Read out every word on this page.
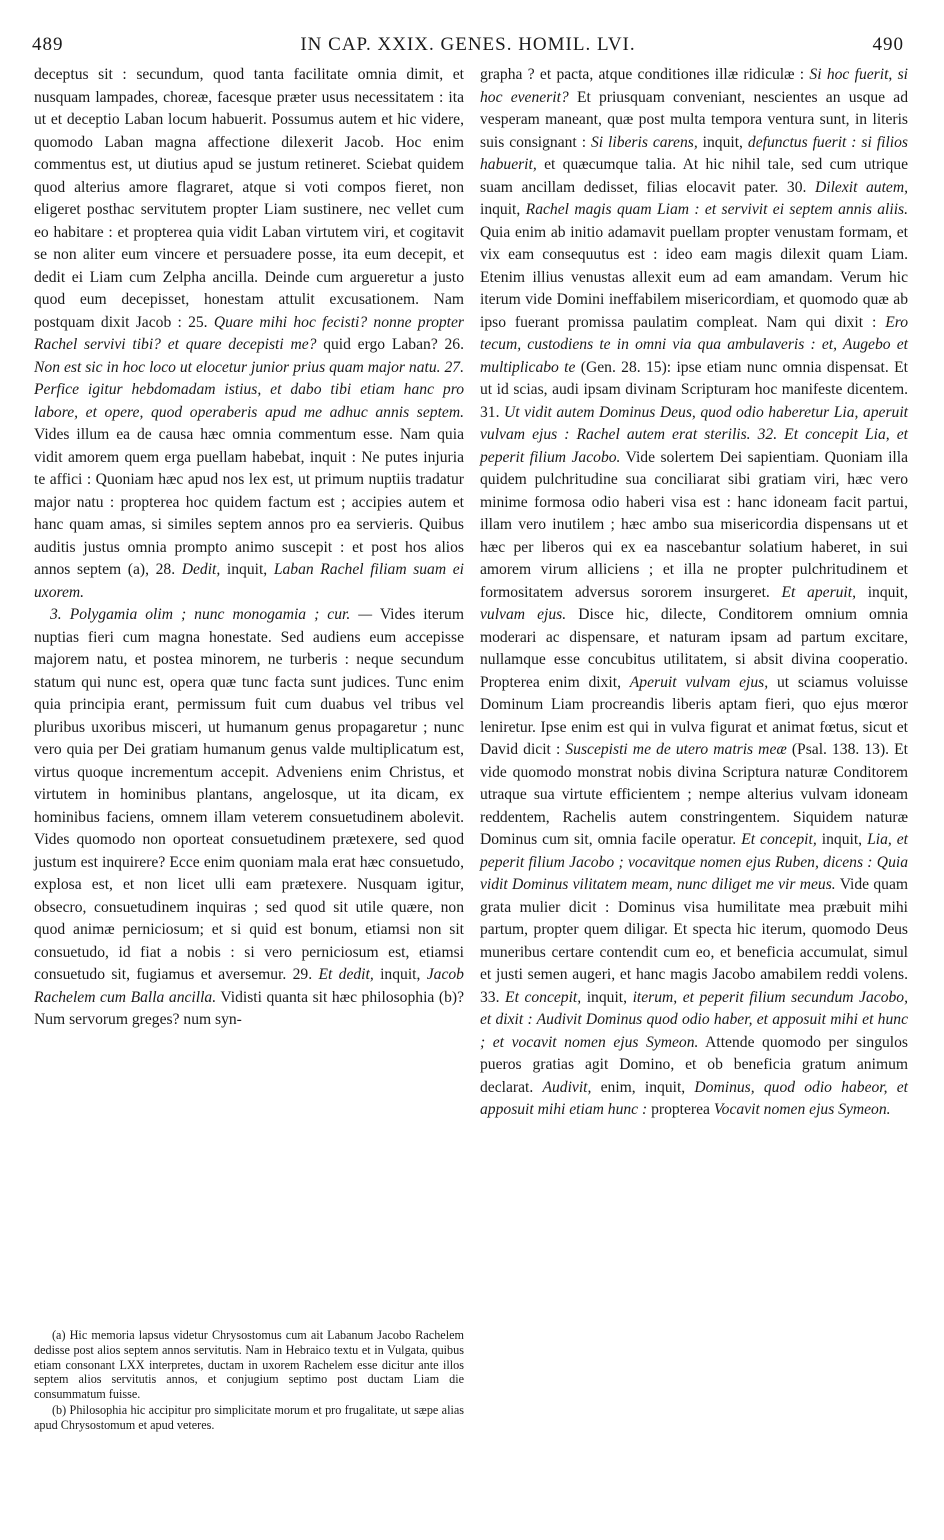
489	IN CAP. XXIX. GENES. HOMIL. LVI.	490

deceptus sit : secundum, quod tanta facilitate omnia dimit, et nusquam lampades, choreæ, facesque præter usus necessitatem : ita ut et deceptio Laban locum habuerit. Possumus autem et hic videre, quomodo Laban magna affectione dilexerit Jacob. Hoc enim commentus est, ut diutius apud se justum retineret. Sciebat quidem quod alterius amore flagraret, atque si voti compos fieret, non eligeret posthac servitutem propter Liam sustinere, nec vellet cum eo habitare : et propterea quia vidit Laban virtutem viri, et cogitavit se non aliter eum vincere et persuadere posse, ita eum decepit, et dedit ei Liam cum Zelpha ancilla. Deinde cum argueretur a justo quod eum decepisset, honestam attulit excusationem. Nam postquam dixit Jacob : 25. Quare mihi hoc fecisti? nonne propter Rachel servivi tibi? et quare decepisti me? quid ergo Laban? 26. Non est sic in hoc loco ut elocetur junior prius quam major natu. 27. Perfice igitur hebdomadam istius, et dabo tibi etiam hanc pro labore, et opere, quod operaberis apud me adhuc annis septem. Vides illum ea de causa hæc omnia commentum esse. Nam quia vidit amorem quem erga puellam habebat, inquit : Ne putes injuria te affici : Quoniam hæc apud nos lex est, ut primum nuptiis tradatur major natu : propterea hoc quidem factum est ; accipies autem et hanc quam amas, si similes septem annos pro ea servieris. Quibus auditis justus omnia prompto animo suscepit : et post hos alios annos septem (a), 28. Dedit, inquit, Laban Rachel filiam suam ei uxorem.

3. Polygamia olim ; nunc monogamia ; cur. — Vides iterum nuptias fieri cum magna honestate. Sed audiens eum accepisse majorem natu, et postea minorem, ne turberis : neque secundum statum qui nunc est, opera quæ tunc facta sunt judices. Tunc enim quia principia erant, permissum fuit cum duabus vel tribus vel pluribus uxoribus misceri, ut humanum genus propagaretur ; nunc vero quia per Dei gratiam humanum genus valde multiplicatum est, virtus quoque incrementum accepit. Adveniens enim Christus, et virtutem in hominibus plantans, angelosque, ut ita dicam, ex hominibus faciens, omnem illam veterem consuetudinem abolevit. Vides quomodo non oporteat consuetudinem prætexere, sed quod justum est inquirere? Ecce enim quoniam mala erat hæc consuetudo, explosa est, et non licet ulli eam prætexere. Nusquam igitur, obsecro, consuetudinem inquiras ; sed quod sit utile quære, non quod animæ perniciosum; et si quid est bonum, etiamsi non sit consuetudo, id fiat a nobis : si vero perniciosum est, etiamsi consuetudo sit, fugiamus et aversemur. 29. Et dedit, inquit, Jacob Rachelem cum Balla ancilla. Vidisti quanta sit hæc philosophia (b)? Num servorum greges? num syn-

(a) Hic memoria lapsus videtur Chrysostomus cum ait Labanum Jacobo Rachelem dedisse post alios septem annos servitutis. Nam in Hebraico textu et in Vulgata, quibus etiam consonant LXX interpretes, ductam in uxorem Rachelem esse dicitur ante illos septem alios servitutis annos, et conjugium septimo post ductam Liam die consummatum fuisse.

(b) Philosophia hic accipitur pro simplicitate morum et pro frugalitate, ut sæpe alias apud Chrysostomum et apud veteres.

grapha ? et pacta, atque conditiones illæ ridiculæ : Si hoc fuerit, si hoc evenerit? Et priusquam conveniant, nescientes an usque ad vesperam maneant, quæ post multa tempora ventura sunt, in literis suis consignant : Si liberis carens, inquit, defunctus fuerit : si filios habuerit, et quæcumque talia. At hic nihil tale, sed cum utrique suam ancillam dedisset, filias elocavit pater. 30. Dilexit autem, inquit, Rachel magis quam Liam : et servivit ei septem annis aliis. Quia enim ab initio adamavit puellam propter venustam formam, et vix eam consequutus est : ideo eam magis dilexit quam Liam. Etenim illius venustas allexit eum ad eam amandam. Verum hic iterum vide Domini ineffabilem misericordiam, et quomodo quæ ab ipso fuerant promissa paulatim compleat. Nam qui dixit : Ero tecum, custodiens te in omni via qua ambulaveris : et, Augebo et multiplicabo te (Gen. 28. 15): ipse etiam nunc omnia dispensat. Et ut id scias, audi ipsam divinam Scripturam hoc manifeste dicentem. 31. Ut vidit autem Dominus Deus, quod odio haberetur Lia, aperuit vulvam ejus : Rachel autem erat sterilis. 32. Et concepit Lia, et peperit filium Jacobo. Vide solertem Dei sapientiam. Quoniam illa quidem pulchritudine sua conciliarat sibi gratiam viri, hæc vero minime formosa odio haberi visa est : hanc idoneam facit partui, illam vero inutilem ; hæc ambo sua misericordia dispensans ut et hæc per liberos qui ex ea nascebantur solatium haberet, in sui amorem virum alliciens ; et illa ne propter pulchritudinem et formositatem adversus sororem insurgeret. Et aperuit, inquit, vulvam ejus. Disce hic, dilecte, Conditorem omnium omnia moderari ac dispensare, et naturam ipsam ad partum excitare, nullamque esse concubitus utilitatem, si absit divina cooperatio. Propterea enim dixit, Aperuit vulvam ejus, ut sciamus voluisse Dominum Liam procreandis liberis aptam fieri, quo ejus mœror leniretur. Ipse enim est qui in vulva figurat et animat fœtus, sicut et David dicit : Suscepisti me de utero matris meæ (Psal. 138. 13). Et vide quomodo monstrat nobis divina Scriptura naturæ Conditorem utraque sua virtute efficientem ; nempe alterius vulvam idoneam reddentem, Rachelis autem constringentem. Siquidem naturæ Dominus cum sit, omnia facile operatur. Et concepit, inquit, Lia, et peperit filium Jacobo ; vocavitque nomen ejus Ruben, dicens : Quia vidit Dominus vilitatem meam, nunc diliget me vir meus. Vide quam grata mulier dicit : Dominus visa humilitate mea præbuit mihi partum, propter quem diligar. Et specta hic iterum, quomodo Deus muneribus certare contendit cum eo, et beneficia accumulat, simul et justi semen augeri, et hanc magis Jacobo amabilem reddi volens. 33. Et concepit, inquit, iterum, et peperit filium secundum Jacobo, et dixit : Audivit Dominus quod odio haber, et apposuit mihi et hunc ; et vocavit nomen ejus Symeon. Attende quomodo per singulos pueros gratias agit Domino, et ob beneficia gratum animum declarat. Audivit, enim, inquit, Dominus, quod odio habeor, et apposuit mihi etiam hunc : propterea Vocavit nomen ejus Symeon.
